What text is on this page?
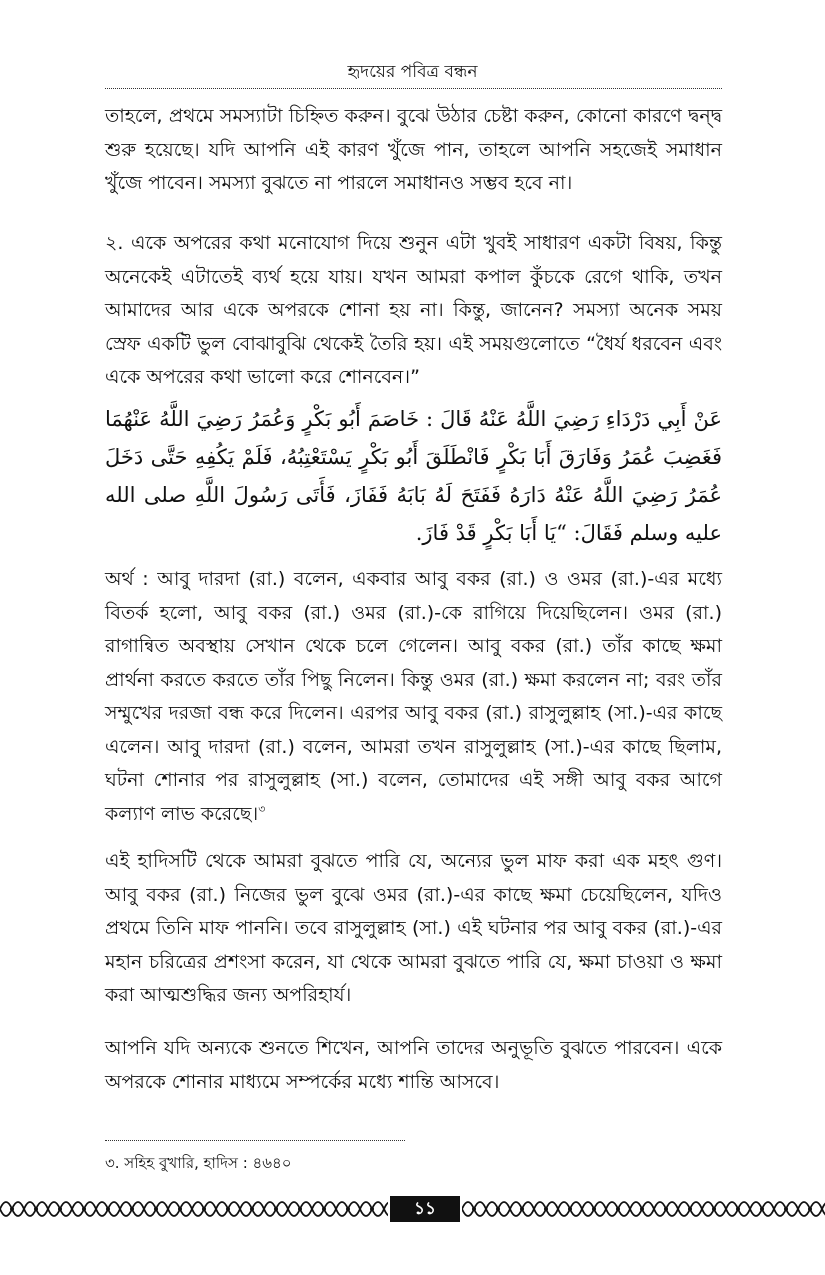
হৃদয়ের পবিত্র বন্ধন

তাহলে, প্রথমে সমস্যাটা চিহ্নিত করুন। বুঝে উঠার চেষ্টা করুন, কোনো কারণে দ্বন্দ্ব শুরু হয়েছে। যদি আপনি এই কারণ খুঁজে পান, তাহলে আপনি সহজেই সমাধান খুঁজে পাবেন। সমস্যা বুঝতে না পারলে সমাধানও সম্ভব হবে না।

২. একে অপরের কথা মনোযোগ দিয়ে শুনুন এটা খুবই সাধারণ একটা বিষয়, কিন্তু অনেকেই এটাতেই ব্যর্থ হয়ে যায়। যখন আমরা কপাল কুঁচকে রেগে থাকি, তখন আমাদের আর একে অপরকে শোনা হয় না। কিন্তু, জানেন? সমস্যা অনেক সময় স্রেফ একটি ভুল বোঝাবুঝি থেকেই তৈরি হয়। এই সময়গুলোতে “ধৈর্য ধরবেন এবং একে অপরের কথা ভালো করে শোনবেন।”

عَنْ أَبِي دَرْدَاءِ رَضِيَ اللَّهُ عَنْهُ قَالَ : خَاصَمَ أَبُو بَكْرٍ وَعُمَرُ رَضِيَ اللَّهُ عَنْهُمَا فَغَضِبَ عُمَرُ وَفَارَقَ أَبَا بَكْرٍ فَانْطَلَقَ أَبُو بَكْرٍ يَسْتَعْتِبُهُ، فَلَمْ يَكُفِهِ حَتَّى دَخَلَ عُمَرُ رَضِيَ اللَّهُ عَنْهُ دَارَهُ فَفَتَحَ لَهُ بَابَهُ فَفَازَ، فَأَتَى رَسُولَ اللَّهِ صلى الله عليه وسلم فَقَالَ: “يَا أَبَا بَكْرٍ قَدْ فَازَ.

অর্থ : আবু দারদা (রা.) বলেন, একবার আবু বকর (রা.) ও ওমর (রা.)-এর মধ্যে বিতর্ক হলো, আবু বকর (রা.) ওমর (রা.)-কে রাগিয়ে দিয়েছিলেন। ওমর (রা.) রাগান্বিত অবস্থায় সেখান থেকে চলে গেলেন। আবু বকর (রা.) তাঁর কাছে ক্ষমা প্রার্থনা করতে করতে তাঁর পিছু নিলেন। কিন্তু ওমর (রা.) ক্ষমা করলেন না; বরং তাঁর সম্মুখের দরজা বন্ধ করে দিলেন। এরপর আবু বকর (রা.) রাসুলুল্লাহ (সা.)-এর কাছে এলেন। আবু দারদা (রা.) বলেন, আমরা তখন রাসুলুল্লাহ (সা.)-এর কাছে ছিলাম, ঘটনা শোনার পর রাসুলুল্লাহ (সা.) বলেন, তোমাদের এই সঙ্গী আবু বকর আগে কল্যাণ লাভ করেছে।$^৩$

এই হাদিসটি থেকে আমরা বুঝতে পারি যে, অন্যের ভুল মাফ করা এক মহৎ গুণ। আবু বকর (রা.) নিজের ভুল বুঝে ওমর (রা.)-এর কাছে ক্ষমা চেয়েছিলেন, যদিও প্রথমে তিনি মাফ পাননি। তবে রাসুলুল্লাহ (সা.) এই ঘটনার পর আবু বকর (রা.)-এর মহান চরিত্রের প্রশংসা করেন, যা থেকে আমরা বুঝতে পারি যে, ক্ষমা চাওয়া ও ক্ষমা করা আত্মশুদ্ধির জন্য অপরিহার্য।

আপনি যদি অন্যকে শুনতে শিখেন, আপনি তাদের অনুভূতি বুঝতে পারবেন। একে অপরকে শোনার মাধ্যমে সম্পর্কের মধ্যে শান্তি আসবে।

৩. সহিহ বুখারি, হাদিস : ৪৬৪০
১১
